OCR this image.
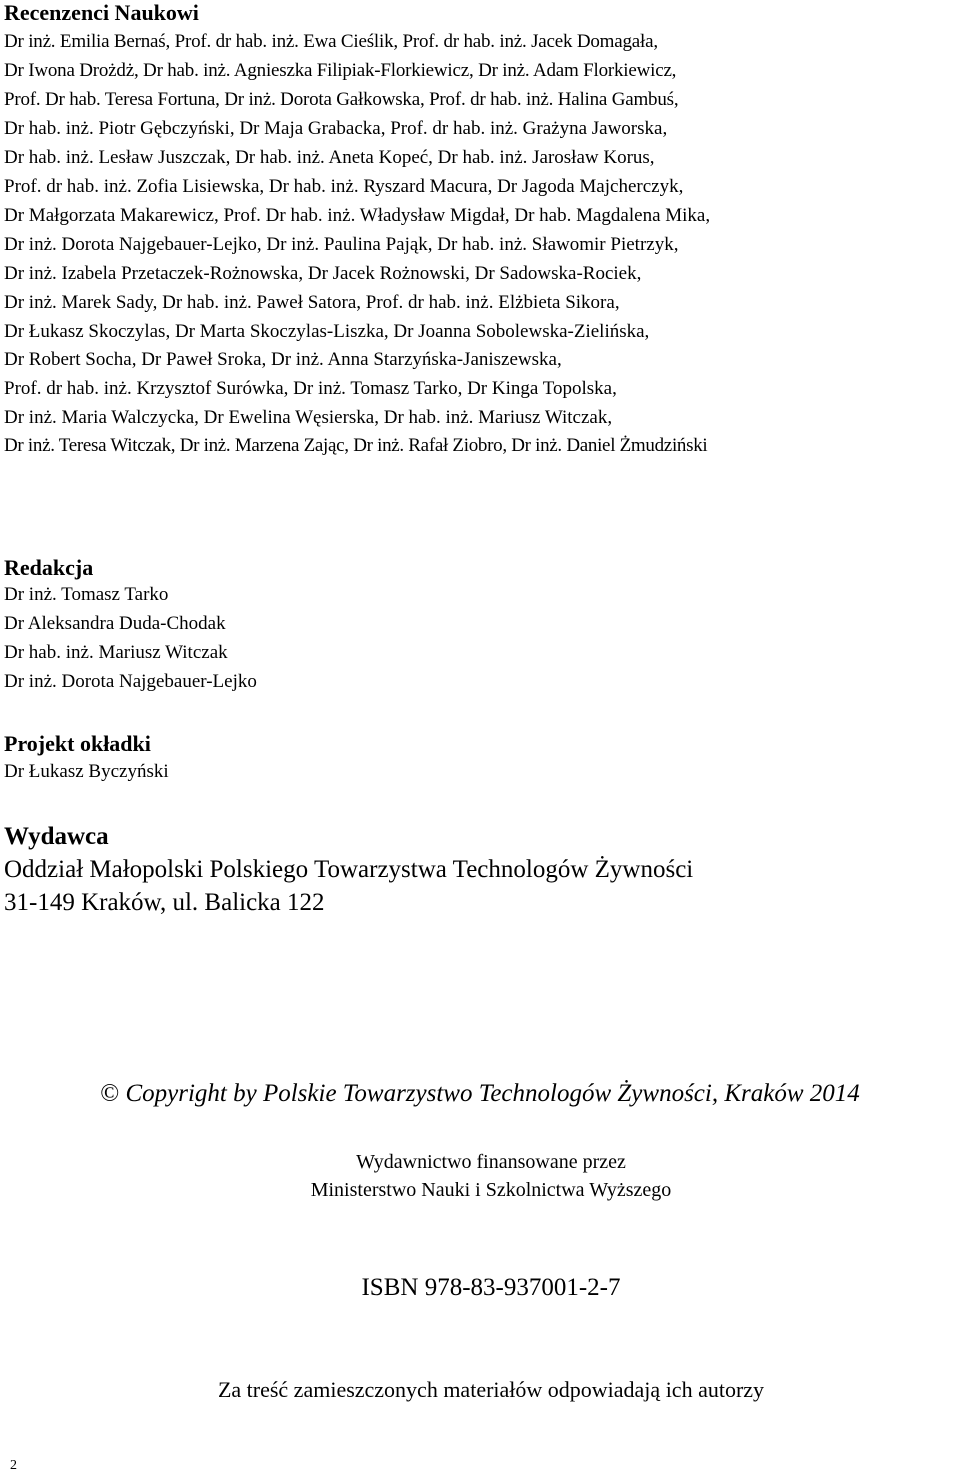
Recenzenci Naukowi
Dr inż. Emilia Bernaś, Prof. dr hab. inż. Ewa Cieślik, Prof. dr hab. inż. Jacek Domagała,
Dr Iwona Drożdż, Dr hab. inż. Agnieszka Filipiak-Florkiewicz, Dr inż. Adam Florkiewicz,
Prof. Dr hab. Teresa Fortuna, Dr inż. Dorota Gałkowska, Prof. dr hab. inż. Halina Gambuś,
Dr hab. inż. Piotr Gębczyński, Dr Maja Grabacka, Prof. dr hab. inż. Grażyna Jaworska,
Dr hab. inż. Lesław Juszczak, Dr hab. inż. Aneta Kopeć, Dr hab. inż. Jarosław Korus,
Prof. dr hab. inż. Zofia Lisiewska, Dr hab. inż. Ryszard Macura, Dr Jagoda Majcherczyk,
Dr Małgorzata Makarewicz, Prof. Dr hab. inż. Władysław Migdał, Dr hab. Magdalena Mika,
Dr inż. Dorota Najgebauer-Lejko, Dr inż. Paulina Pająk, Dr hab. inż. Sławomir Pietrzyk,
Dr inż. Izabela Przetaczek-Rożnowska, Dr Jacek Rożnowski, Dr Sadowska-Rociek,
Dr inż. Marek Sady, Dr hab. inż. Paweł Satora, Prof. dr hab. inż. Elżbieta Sikora,
Dr Łukasz Skoczylas, Dr Marta Skoczylas-Liszka, Dr Joanna Sobolewska-Zielińska,
Dr Robert Socha, Dr Paweł Sroka, Dr inż. Anna Starzyńska-Janiszewska,
Prof. dr hab. inż. Krzysztof Surówka, Dr inż. Tomasz Tarko, Dr Kinga Topolska,
Dr inż. Maria Walczycka, Dr Ewelina Węsierska, Dr hab. inż. Mariusz Witczak,
Dr inż. Teresa Witczak, Dr inż. Marzena Zając, Dr inż. Rafał Ziobro, Dr inż. Daniel Żmudziński
Redakcja
Dr inż. Tomasz Tarko
Dr Aleksandra Duda-Chodak
Dr hab. inż. Mariusz Witczak
Dr inż. Dorota Najgebauer-Lejko
Projekt okładki
Dr Łukasz Byczyński
Wydawca
Oddział Małopolski Polskiego Towarzystwa Technologów Żywności
31-149 Kraków, ul. Balicka 122
© Copyright by Polskie Towarzystwo Technologów Żywności, Kraków 2014
Wydawnictwo finansowane przez
Ministerstwo Nauki i Szkolnictwa Wyższego
ISBN 978-83-937001-2-7
Za treść zamieszczonych materiałów odpowiadają ich autorzy
2
